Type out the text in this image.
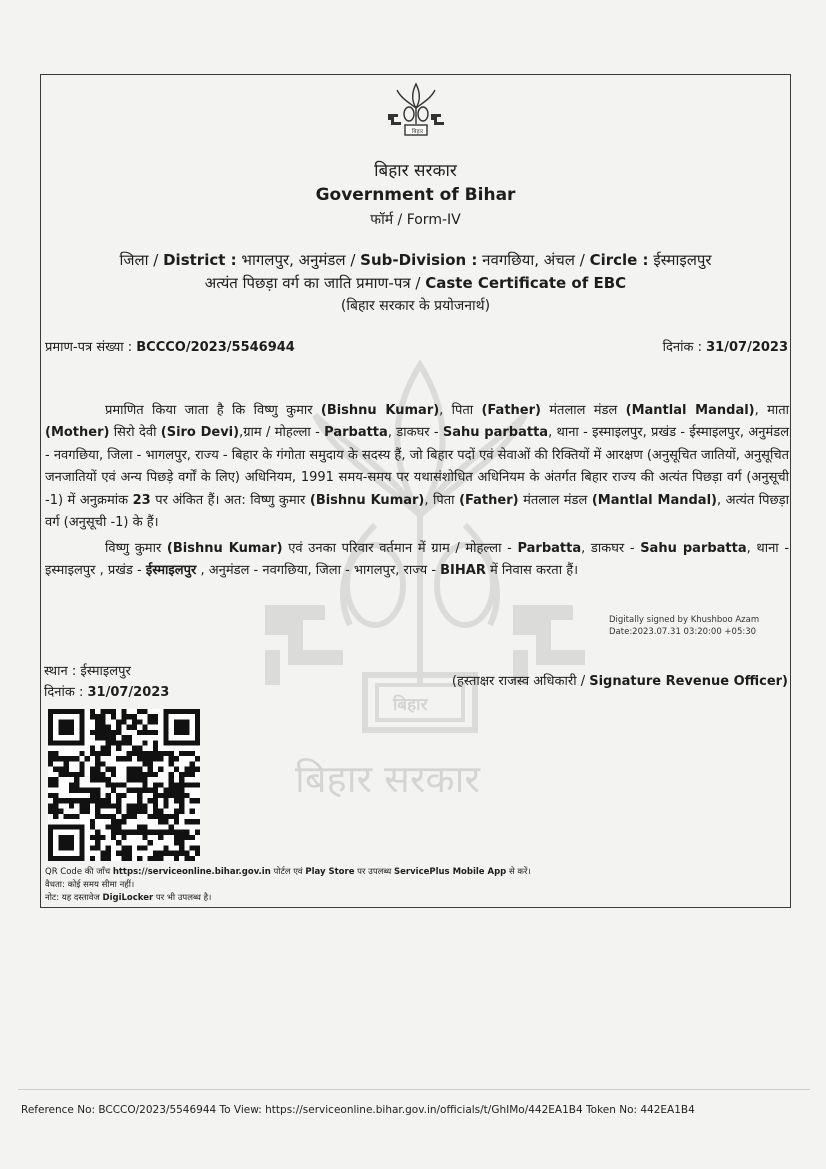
बिहार सरकार
बिहार
बिहार
बिहार सरकार
Government of Bihar
फॉर्म / Form-IV
जिला / District : भागलपुर, अनुमंडल / Sub-Division : नवगछिया, अंचल / Circle : ईस्माइलपुर
अत्यंत पिछड़ा वर्ग का जाति प्रमाण-पत्र / Caste Certificate of EBC
(बिहार सरकार के प्रयोजनार्थ)
प्रमाण-पत्र संख्या : BCCCO/2023/5546944	दिनांक : 31/07/2023
प्रमाणित किया जाता है कि विष्णु कुमार (Bishnu Kumar), पिता (Father) मंतलाल मंडल (Mantlal Mandal), माता (Mother) सिरो देवी (Siro Devi),ग्राम / मोहल्ला - Parbatta, डाकघर - Sahu parbatta, थाना - इस्माइलपुर, प्रखंड - ईस्माइलपुर, अनुमंडल - नवगछिया, जिला - भागलपुर, राज्य - बिहार के गंगोता समुदाय के सदस्य हैं, जो बिहार पदों एवं सेवाओं की रिक्तियों में आरक्षण (अनुसूचित जातियों, अनुसूचित जनजातियों एवं अन्य पिछड़े वर्गों के लिए) अधिनियम, 1991 समय-समय पर यथासंशोधित अधिनियम के अंतर्गत बिहार राज्य की अत्यंत पिछड़ा वर्ग (अनुसूची -1) में अनुक्रमांक 23 पर अंकित हैं। अत: विष्णु कुमार (Bishnu Kumar), पिता (Father) मंतलाल मंडल (Mantlal Mandal), अत्यंत पिछड़ा वर्ग (अनुसूची -1) के हैं।
विष्णु कुमार (Bishnu Kumar) एवं उनका परिवार वर्तमान में ग्राम / मोहल्ला - Parbatta, डाकघर - Sahu parbatta, थाना - इस्माइलपुर , प्रखंड - ईस्माइलपुर , अनुमंडल - नवगछिया, जिला - भागलपुर, राज्य - BIHAR में निवास करता हैं।
Digitally signed by Khushboo Azam
Date:2023.07.31 03:20:00 +05:30
स्थान : ईस्माइलपुर
दिनांक : 31/07/2023
(हस्ताक्षर राजस्व अधिकारी / Signature Revenue Officer)
QR Code की जाँच https://serviceonline.bihar.gov.in पोर्टल एवं Play Store पर उपलब्ध ServicePlus Mobile App से करें।
वैधता: कोई समय सीमा नहीं।
नोट: यह दस्तावेज DigiLocker पर भी उपलब्ध है।
Reference No: BCCCO/2023/5546944 To View: https://serviceonline.bihar.gov.in/officials/t/GhIMo/442EA1B4 Token No: 442EA1B4
